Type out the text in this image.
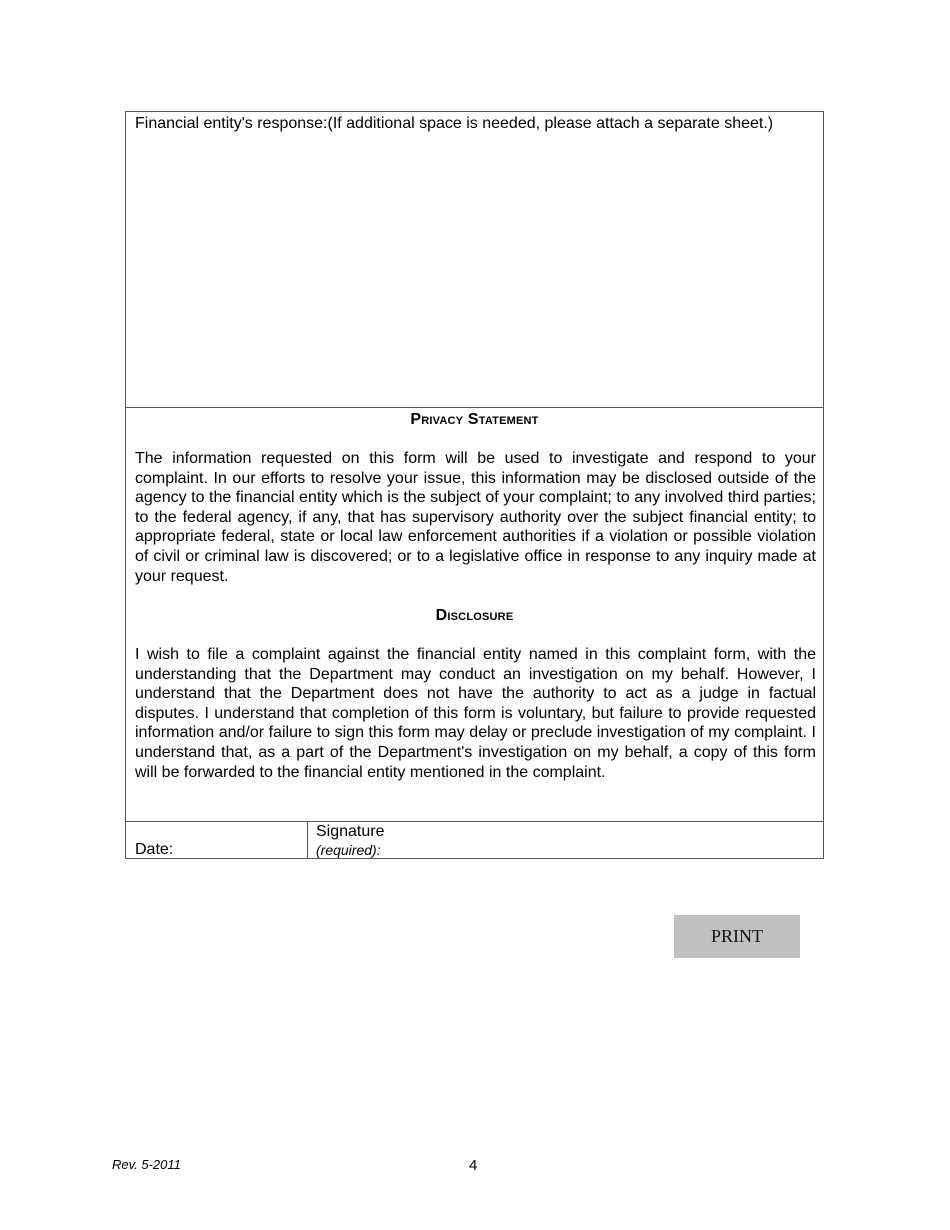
Financial entity's response:(If additional space is needed, please attach a separate sheet.)
Privacy Statement
The information requested on this form will be used to investigate and respond to your complaint. In our efforts to resolve your issue, this information may be disclosed outside of the agency to the financial entity which is the subject of your complaint; to any involved third parties; to the federal agency, if any, that has supervisory authority over the subject financial entity; to appropriate federal, state or local law enforcement authorities if a violation or possible violation of civil or criminal law is discovered; or to a legislative office in response to any inquiry made at your request.
Disclosure
I wish to file a complaint against the financial entity named in this complaint form, with the understanding that the Department may conduct an investigation on my behalf. However, I understand that the Department does not have the authority to act as a judge in factual disputes. I understand that completion of this form is voluntary, but failure to provide requested information and/or failure to sign this form may delay or preclude investigation of my complaint. I understand that, as a part of the Department's investigation on my behalf, a copy of this form will be forwarded to the financial entity mentioned in the complaint.
Date:
Signature
(required):
PRINT
Rev. 5-2011	4
